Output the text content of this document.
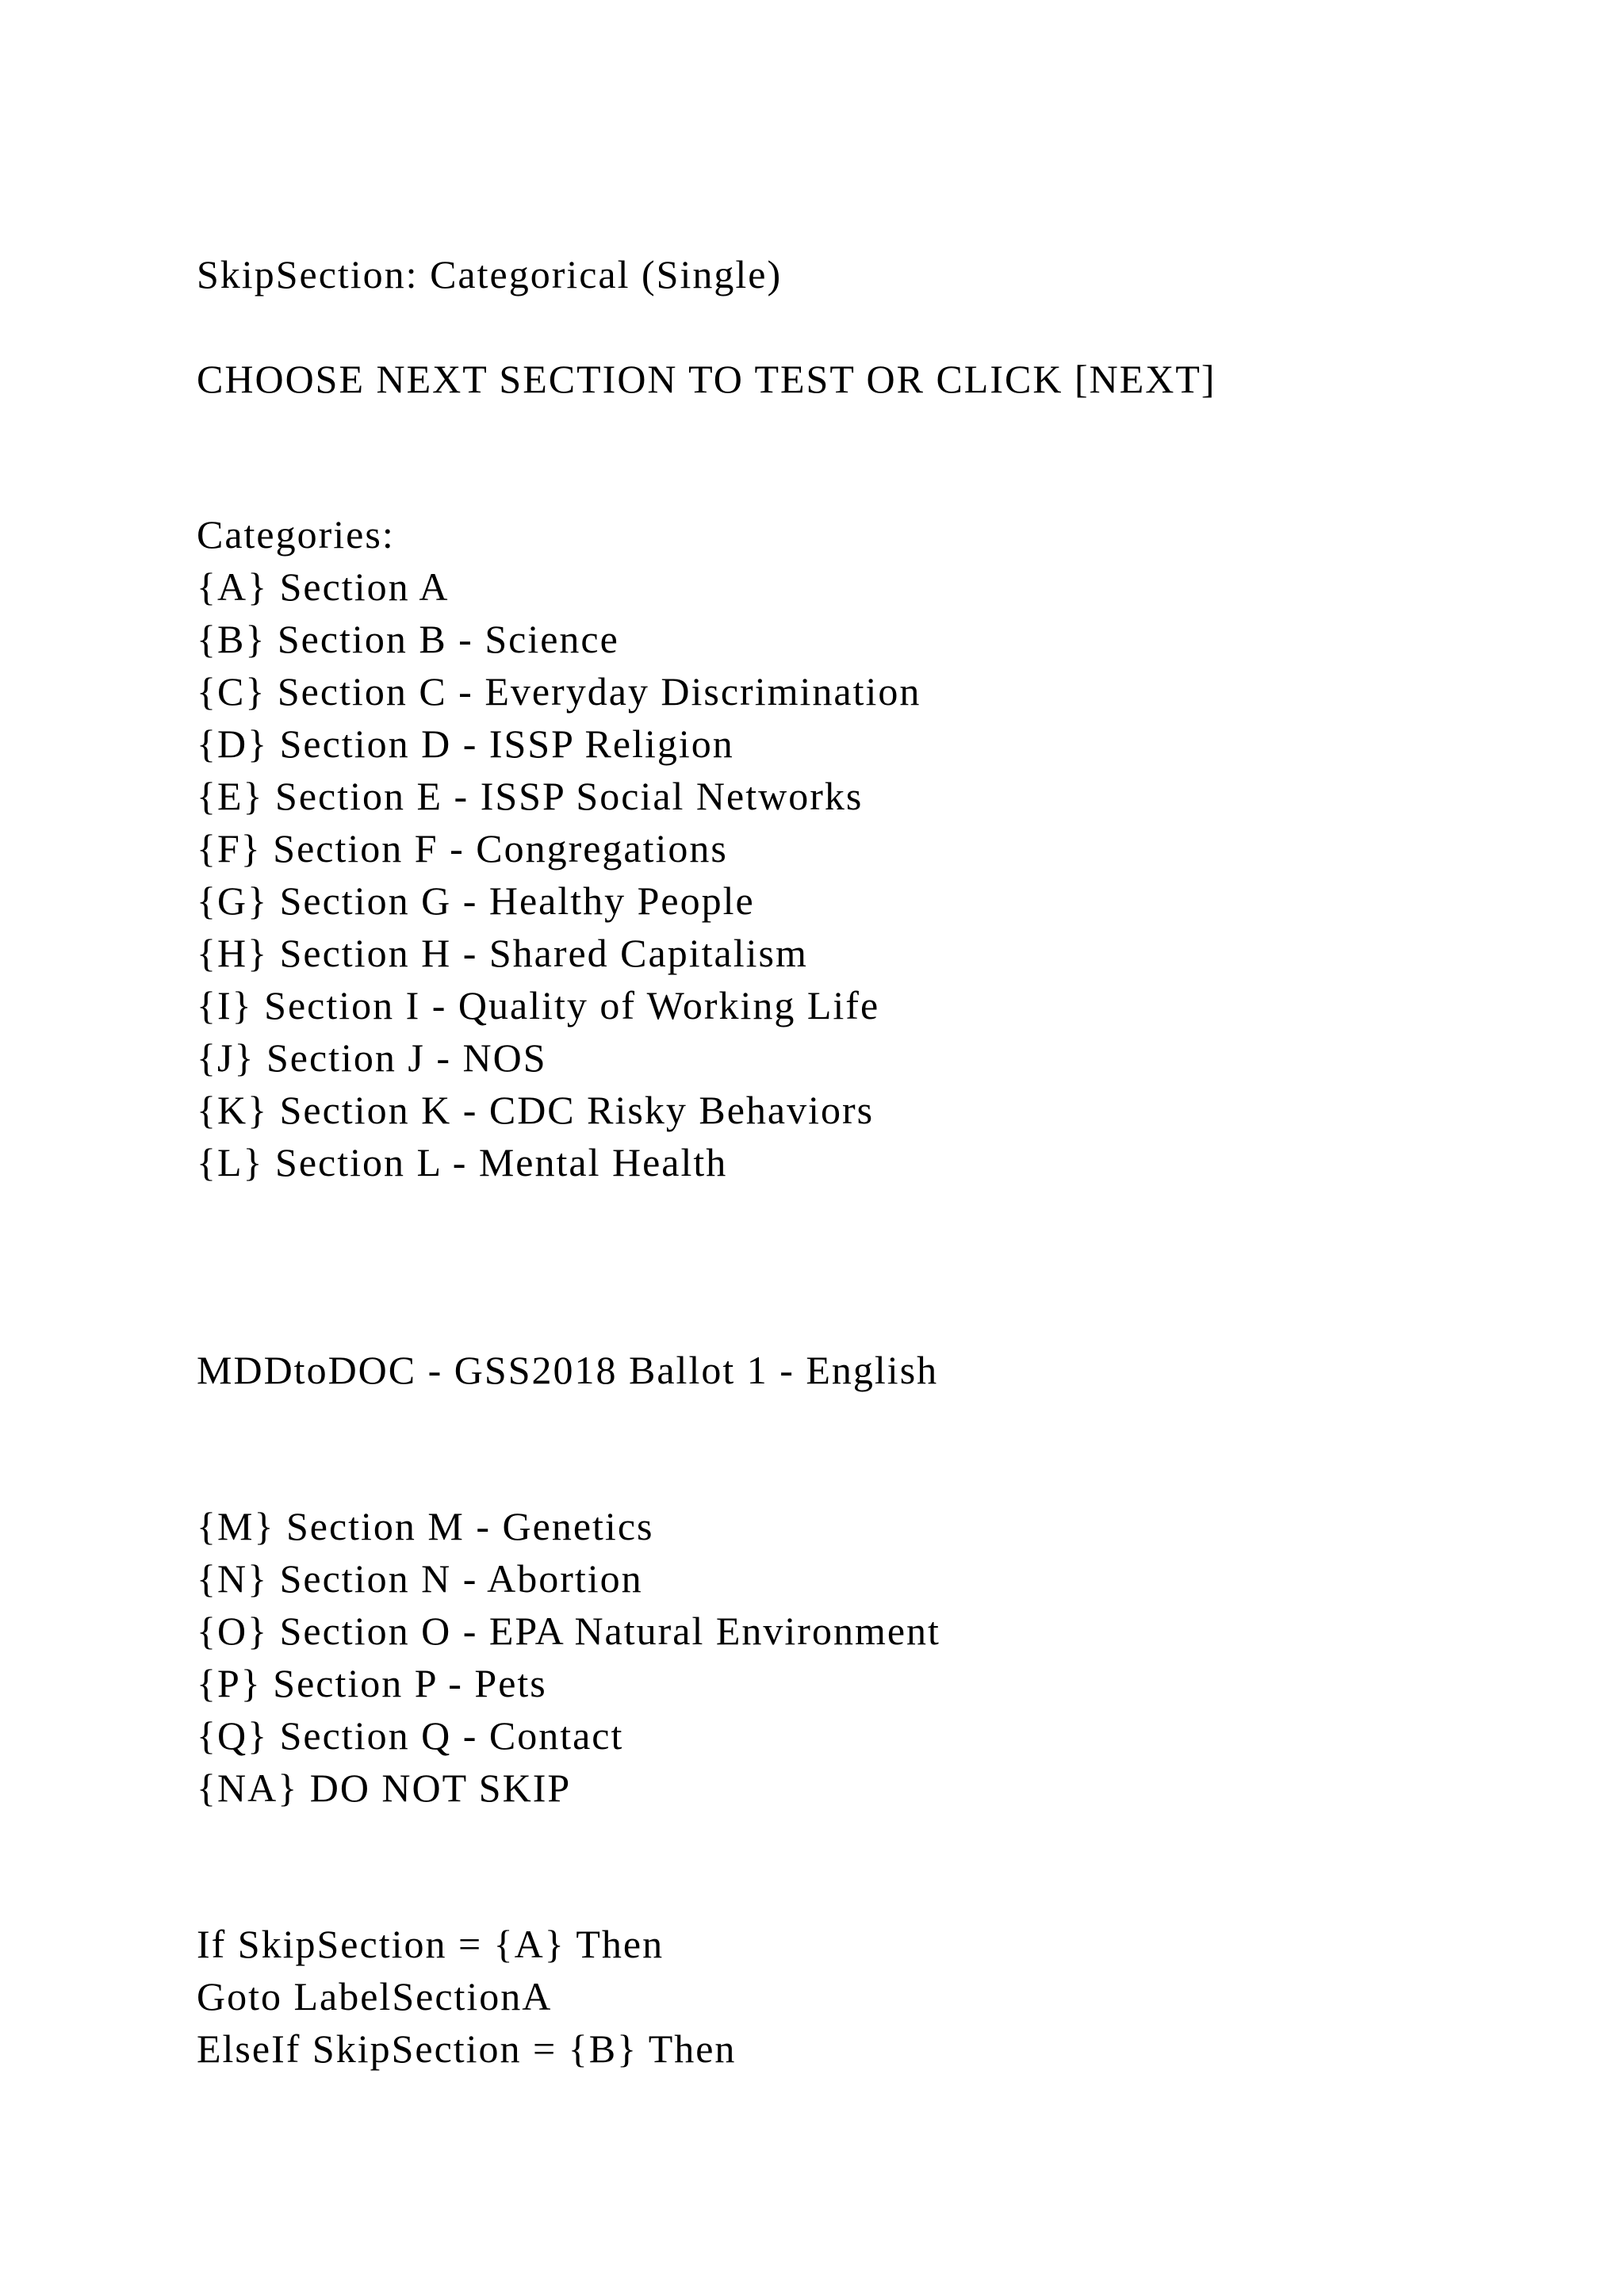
SkipSection: Categorical (Single)
CHOOSE NEXT SECTION TO TEST OR CLICK [NEXT]
Categories:
{A} Section A
{B} Section B - Science
{C} Section C - Everyday Discrimination
{D} Section D - ISSP Religion
{E} Section E - ISSP Social Networks
{F} Section F - Congregations
{G} Section G - Healthy People
{H} Section H - Shared Capitalism
{I} Section I - Quality of Working Life
{J} Section J - NOS
{K} Section K - CDC Risky Behaviors
{L} Section L - Mental Health
MDDtoDOC - GSS2018 Ballot 1 - English
{M} Section M - Genetics
{N} Section N - Abortion
{O} Section O - EPA Natural Environment
{P} Section P - Pets
{Q} Section Q - Contact
{NA} DO NOT SKIP
If SkipSection = {A} Then
Goto LabelSectionA
ElseIf SkipSection = {B} Then
